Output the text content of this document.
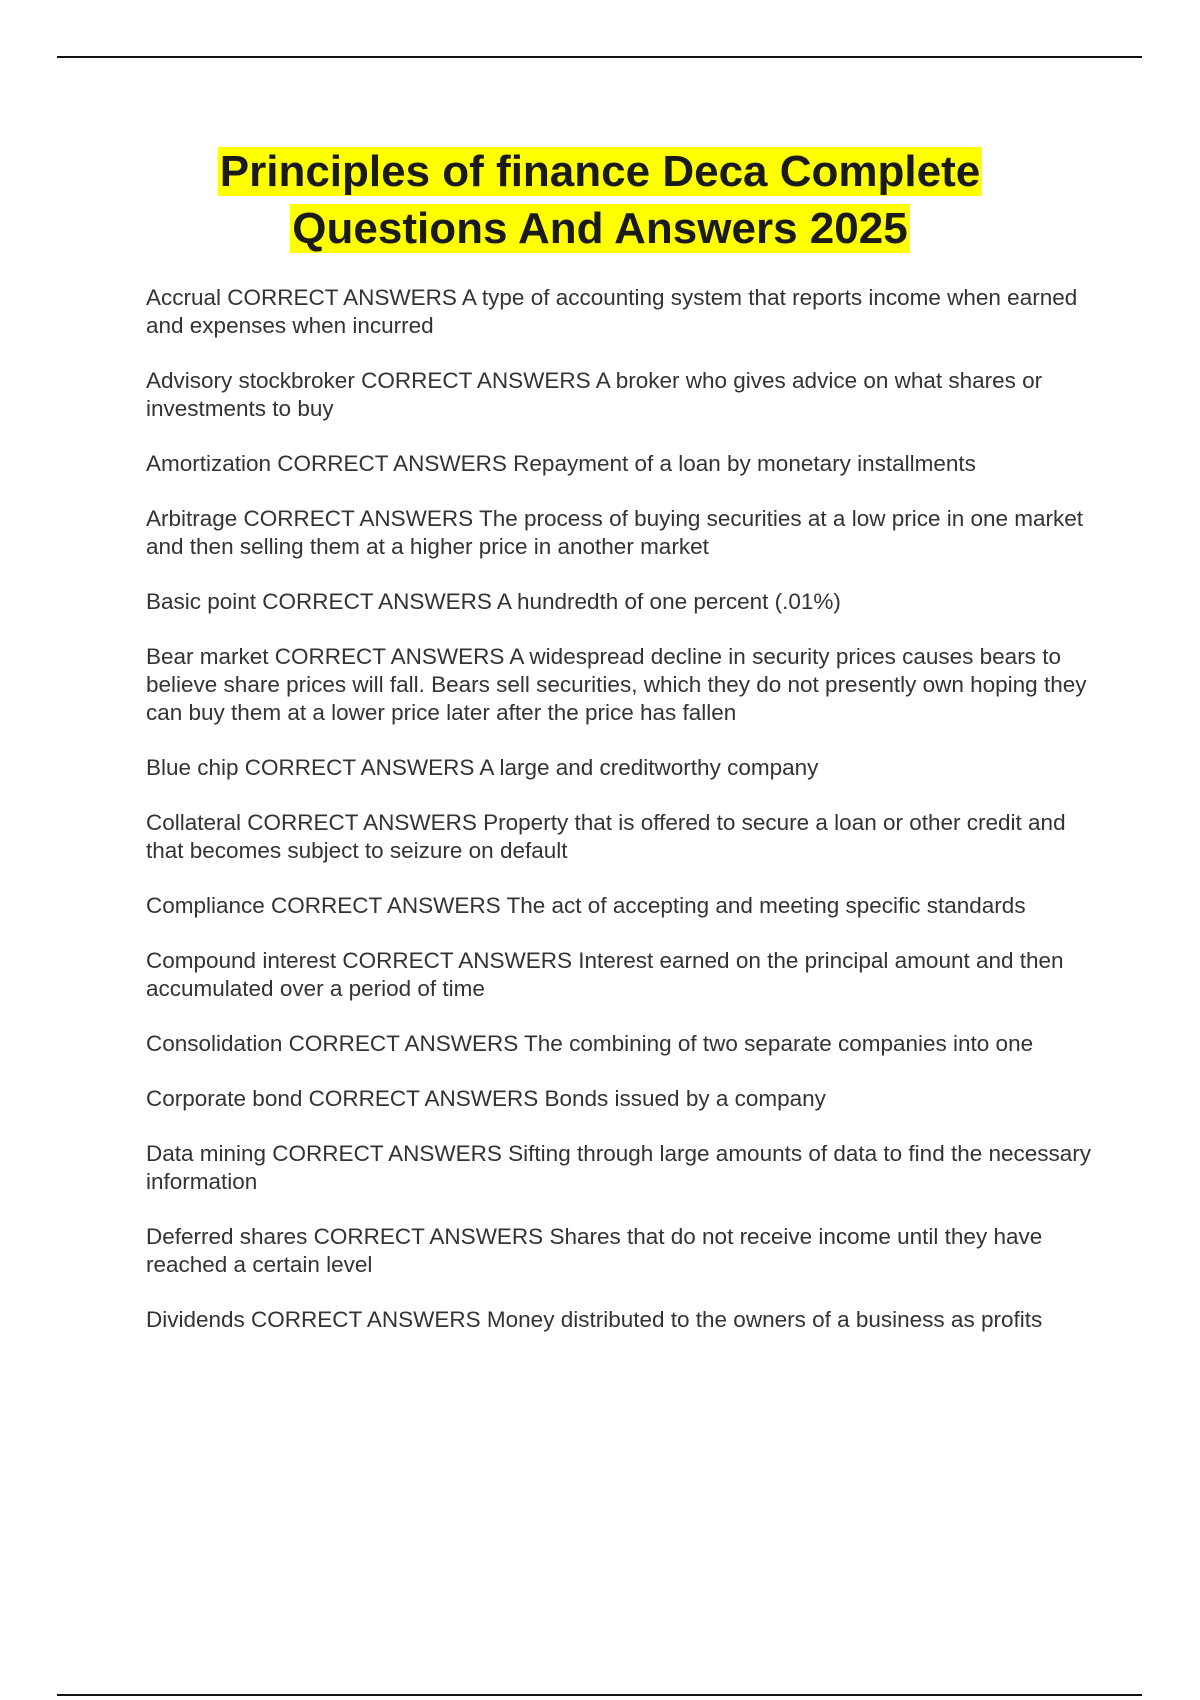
Principles of finance Deca Complete
Questions And Answers 2025
Accrual CORRECT ANSWERS A type of accounting system that reports income when earned and expenses when incurred
Advisory stockbroker CORRECT ANSWERS A broker who gives advice on what shares or investments to buy
Amortization CORRECT ANSWERS Repayment of a loan by monetary installments
Arbitrage CORRECT ANSWERS The process of buying securities at a low price in one market and then selling them at a higher price in another market
Basic point CORRECT ANSWERS A hundredth of one percent (.01%)
Bear market CORRECT ANSWERS A widespread decline in security prices causes bears to believe share prices will fall. Bears sell securities, which they do not presently own hoping they can buy them at a lower price later after the price has fallen
Blue chip CORRECT ANSWERS A large and creditworthy company
Collateral CORRECT ANSWERS Property that is offered to secure a loan or other credit and that becomes subject to seizure on default
Compliance CORRECT ANSWERS The act of accepting and meeting specific standards
Compound interest CORRECT ANSWERS Interest earned on the principal amount and then accumulated over a period of time
Consolidation CORRECT ANSWERS The combining of two separate companies into one
Corporate bond CORRECT ANSWERS Bonds issued by a company
Data mining CORRECT ANSWERS Sifting through large amounts of data to find the necessary information
Deferred shares CORRECT ANSWERS Shares that do not receive income until they have reached a certain level
Dividends CORRECT ANSWERS Money distributed to the owners of a business as profits
